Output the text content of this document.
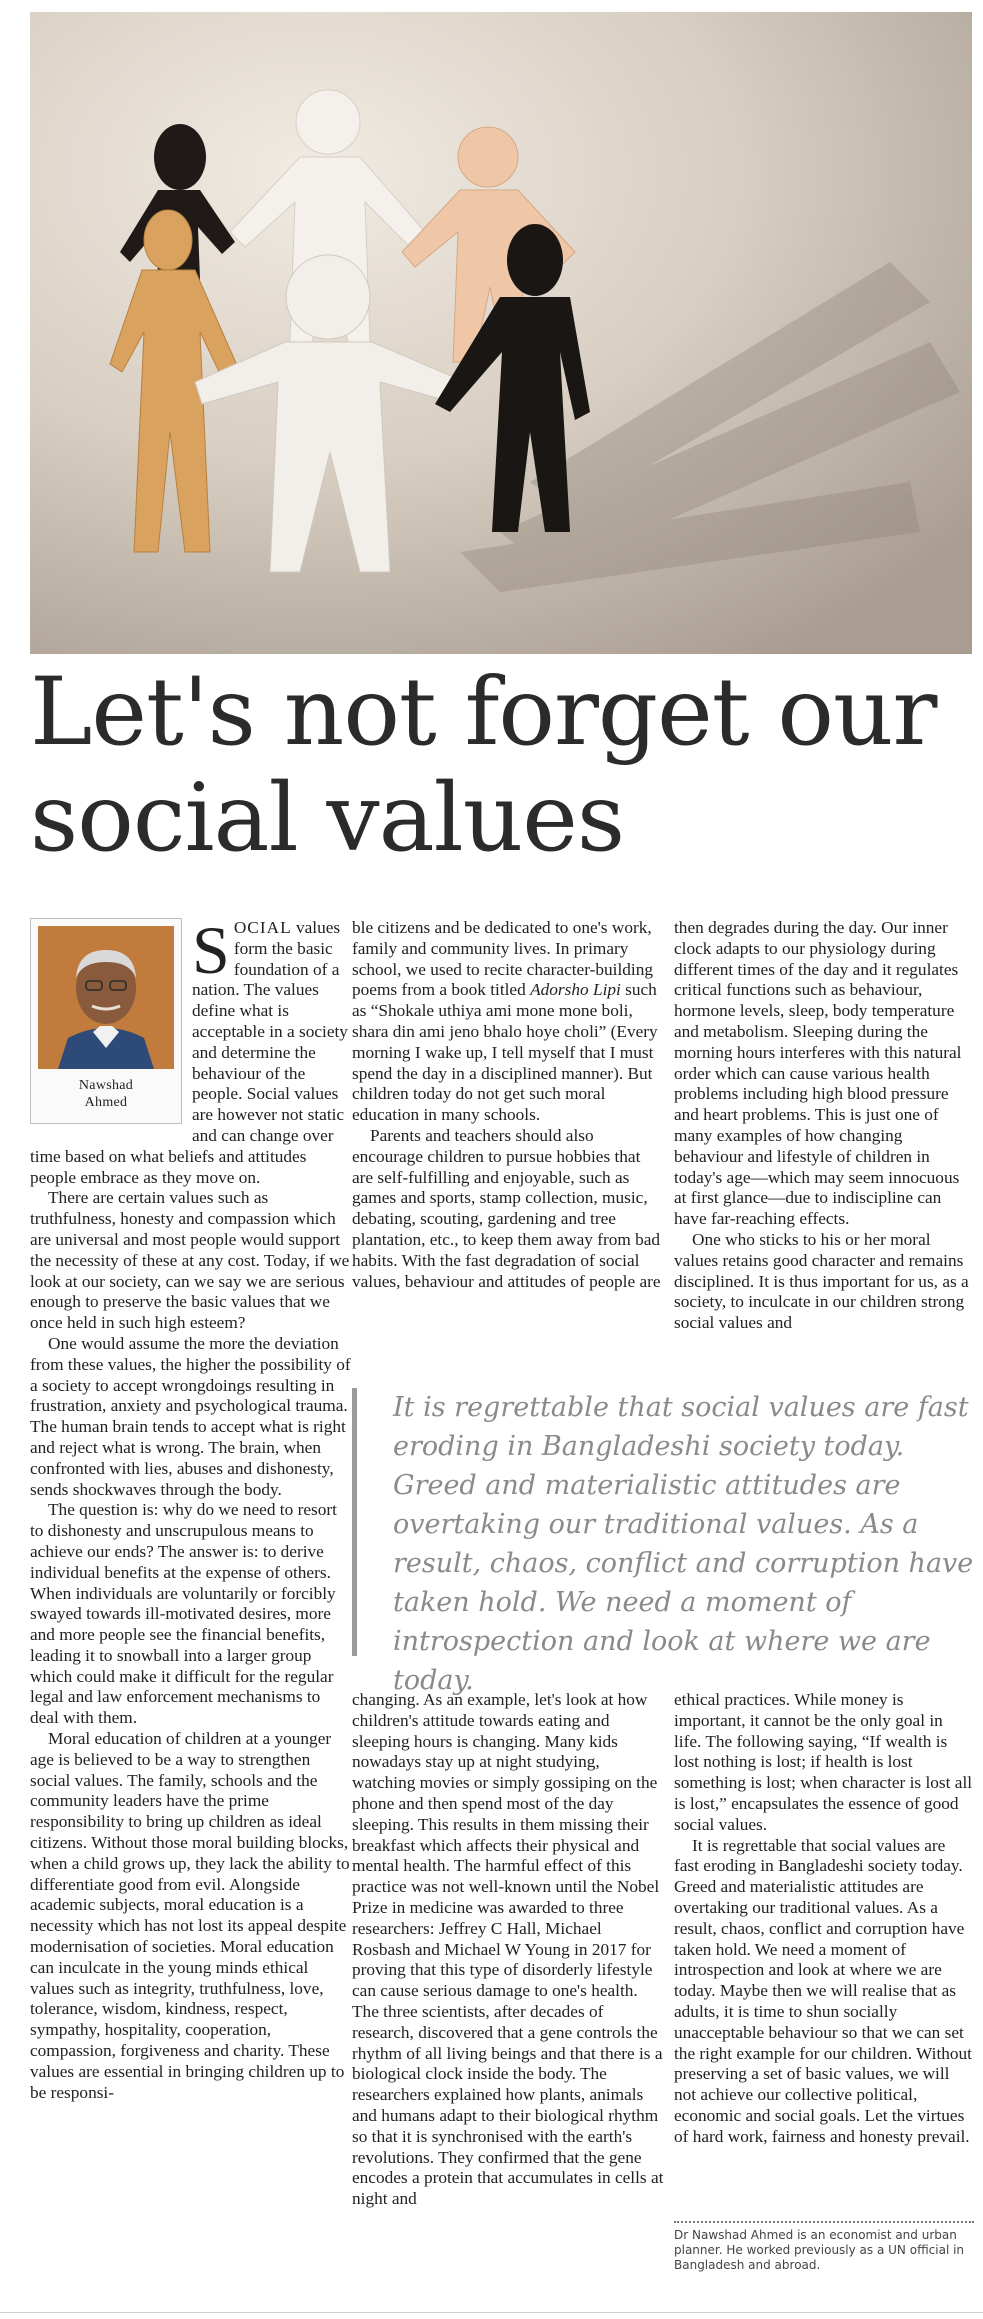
Let's not forget our
social values
Nawshad
Ahmed

SOCIAL values form the basic foundation of a nation. The values define what is acceptable in a society and determine the behaviour of the people. Social values are however not static and can change over time based on what beliefs and attitudes people embrace as they move on.

There are certain values such as truthfulness, honesty and compassion which are universal and most people would support the necessity of these at any cost. Today, if we look at our society, can we say we are serious enough to preserve the basic values that we once held in such high esteem?

One would assume the more the deviation from these values, the higher the possibility of a society to accept wrongdoings resulting in frustration, anxiety and psychological trauma. The human brain tends to accept what is right and reject what is wrong. The brain, when confronted with lies, abuses and dishonesty, sends shockwaves through the body.

The question is: why do we need to resort to dishonesty and unscrupulous means to achieve our ends? The answer is: to derive individual benefits at the expense of others. When individuals are voluntarily or forcibly swayed towards ill-motivated desires, more and more people see the financial benefits, leading it to snowball into a larger group which could make it difficult for the regular legal and law enforcement mechanisms to deal with them.

Moral education of children at a younger age is believed to be a way to strengthen social values. The family, schools and the community leaders have the prime responsibility to bring up children as ideal citizens. Without those moral building blocks, when a child grows up, they lack the ability to differentiate good from evil. Alongside academic subjects, moral education is a necessity which has not lost its appeal despite modernisation of societies. Moral education can inculcate in the young minds ethical values such as integrity, truthfulness, love, tolerance, wisdom, kindness, respect, sympathy, hospitality, cooperation, compassion, forgiveness and charity. These values are essential in bringing children up to be responsi-

ble citizens and be dedicated to one's work, family and community lives. In primary school, we used to recite character-building poems from a book titled Adorsho Lipi such as “Shokale uthiya ami mone mone boli, shara din ami jeno bhalo hoye choli” (Every morning I wake up, I tell myself that I must spend the day in a disciplined manner). But children today do not get such moral education in many schools.

Parents and teachers should also encourage children to pursue hobbies that are self-fulfilling and enjoyable, such as games and sports, stamp collection, music, debating, scouting, gardening and tree plantation, etc., to keep them away from bad habits. With the fast degradation of social values, behaviour and attitudes of people are

then degrades during the day. Our inner clock adapts to our physiology during different times of the day and it regulates critical functions such as behaviour, hormone levels, sleep, body temperature and metabolism. Sleeping during the morning hours interferes with this natural order which can cause various health problems including high blood pressure and heart problems. This is just one of many examples of how changing behaviour and lifestyle of children in today's age—which may seem innocuous at first glance—due to indiscipline can have far-reaching effects.

One who sticks to his or her moral values retains good character and remains disciplined. It is thus important for us, as a society, to inculcate in our children strong social values and

It is regrettable that social values are fast eroding in Bangladeshi society today. Greed and materialistic attitudes are overtaking our traditional values. As a result, chaos, conflict and corruption have taken hold. We need a moment of introspection and look at where we are today.

changing. As an example, let's look at how children's attitude towards eating and sleeping hours is changing. Many kids nowadays stay up at night studying, watching movies or simply gossiping on the phone and then spend most of the day sleeping. This results in them missing their breakfast which affects their physical and mental health. The harmful effect of this practice was not well-known until the Nobel Prize in medicine was awarded to three researchers: Jeffrey C Hall, Michael Rosbash and Michael W Young in 2017 for proving that this type of disorderly lifestyle can cause serious damage to one's health. The three scientists, after decades of research, discovered that a gene controls the rhythm of all living beings and that there is a biological clock inside the body. The researchers explained how plants, animals and humans adapt to their biological rhythm so that it is synchronised with the earth's revolutions. They confirmed that the gene encodes a protein that accumulates in cells at night and

ethical practices. While money is important, it cannot be the only goal in life. The following saying, “If wealth is lost nothing is lost; if health is lost something is lost; when character is lost all is lost,” encapsulates the essence of good social values.

It is regrettable that social values are fast eroding in Bangladeshi society today. Greed and materialistic attitudes are overtaking our traditional values. As a result, chaos, conflict and corruption have taken hold. We need a moment of introspection and look at where we are today. Maybe then we will realise that as adults, it is time to shun socially unacceptable behaviour so that we can set the right example for our children. Without preserving a set of basic values, we will not achieve our collective political, economic and social goals. Let the virtues of hard work, fairness and honesty prevail.

Dr Nawshad Ahmed is an economist and urban planner. He worked previously as a UN official in Bangladesh and abroad.
